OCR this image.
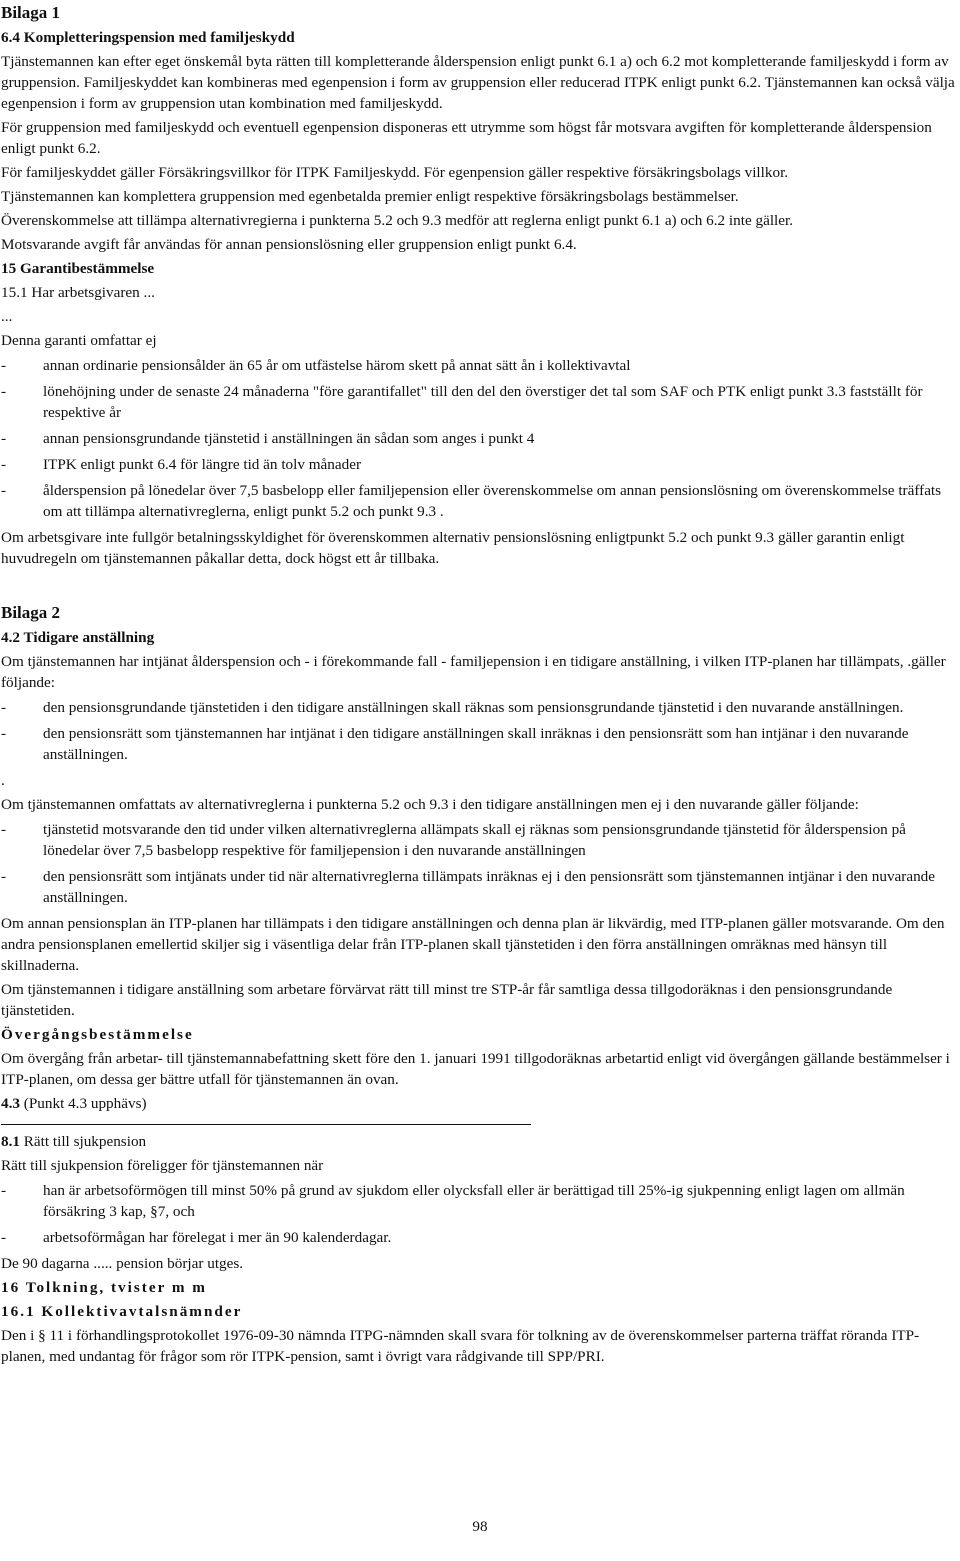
Bilaga 1

6.4 Kompletteringspension med familjeskydd

Tjänstemannen kan efter eget önskemål byta rätten till kompletterande ålderspension enligt punkt 6.1 a) och 6.2 mot kompletterande familjeskydd i form av gruppension. Familjeskyddet kan kombineras med egenpension i form av gruppension eller reducerad ITPK enligt punkt 6.2. Tjänstemannen kan också välja egenpension i form av gruppension utan kombination med familjeskydd.

För gruppension med familjeskydd och eventuell egenpension disponeras ett utrymme som högst får motsvara avgiften för kompletterande ålderspension enligt punkt 6.2.

För familjeskyddet gäller Försäkringsvillkor för ITPK Familjeskydd. För egenpension gäller respektive försäkringsbolags villkor.

Tjänstemannen kan komplettera gruppension med egenbetalda premier enligt respektive försäkringsbolags bestämmelser.

Överenskommelse att tillämpa alternativregierna i punkterna 5.2 och 9.3 medför att reglerna enligt punkt 6.1 a) och 6.2 inte gäller.

Motsvarande avgift får användas för annan pensionslösning eller gruppension enligt punkt 6.4.

15 Garantibestämmelse

15.1 Har arbetsgivaren ...

...

Denna garanti omfattar ej

- annan ordinarie pensionsålder än 65 år om utfästelse härom skett på annat sätt ån i kollektivavtal
- lönehöjning under de senaste 24 månaderna "före garantifallet" till den del den överstiger det tal som SAF och PTK enligt punkt 3.3 fastställt för respektive år
- annan pensionsgrundande tjänstetid i anställningen än sådan som anges i punkt 4
- ITPK enligt punkt 6.4 för längre tid än tolv månader
- ålderspension på lönedelar över 7,5 basbelopp eller familjepension eller överenskommelse om annan pensionslösning om överenskommelse träffats om att tillämpa alternativreglerna, enligt punkt 5.2 och punkt 9.3 .

Om arbetsgivare inte fullgör betalningsskyldighet för överenskommen alternativ pensionslösning enligtpunkt 5.2 och punkt 9.3 gäller garantin enligt huvudregeln om tjänstemannen påkallar detta, dock högst ett år tillbaka.

Bilaga 2

4.2 Tidigare anställning

Om tjänstemannen har intjänat ålderspension och - i förekommande fall - familjepension i en tidigare anställning, i vilken ITP-planen har tillämpats, .gäller följande:

- den pensionsgrundande tjänstetiden i den tidigare anställningen skall räknas som pensionsgrundande tjänstetid i den nuvarande anställningen.
- den pensionsrätt som tjänstemannen har intjänat i den tidigare anställningen skall inräknas i den pensionsrätt som han intjänar i den nuvarande anställningen.

.

Om tjänstemannen omfattats av alternativreglerna i punkterna 5.2 och 9.3 i den tidigare anställningen men ej i den nuvarande gäller följande:

- tjänstetid motsvarande den tid under vilken alternativreglerna allämpats skall ej räknas som pensionsgrundande tjänstetid för ålderspension på lönedelar över 7,5 basbelopp respektive för familjepension i den nuvarande anställningen
- den pensionsrätt som intjänats under tid när alternativreglerna tillämpats inräknas ej i den pensionsrätt som tjänstemannen intjänar i den nuvarande anställningen.

Om annan pensionsplan än ITP-planen har tillämpats i den tidigare anställningen och denna plan är likvärdig, med ITP-planen gäller motsvarande. Om den andra pensionsplanen emellertid skiljer sig i väsentliga delar från ITP-planen skall tjänstetiden i den förra anställningen omräknas med hänsyn till skillnaderna.

Om tjänstemannen i tidigare anställning som arbetare förvärvat rätt till minst tre STP-år får samtliga dessa tillgodoräknas i den pensionsgrundande tjänstetiden.

Övergångsbestämmelse

Om övergång från arbetar- till tjänstemannabefattning skett före den 1. januari 1991 tillgodoräknas arbetartid enligt vid övergången gällande bestämmelser i ITP-planen, om dessa ger bättre utfall för tjänstemannen än ovan.

4.3 (Punkt 4.3 upphävs)

8.1 Rätt till sjukpension

Rätt till sjukpension föreligger för tjänstemannen när

- han är arbetsoförmögen till minst 50% på grund av sjukdom eller olycksfall eller är berättigad till 25%-ig sjukpenning enligt lagen om allmän försäkring 3 kap, §7, och
- arbetsoförmågan har förelegat i mer än 90 kalenderdagar.

De 90 dagarna ..... pension börjar utges.

16 Tolkning, tvister m m

16.1 Kollektivavtalsnämnder

Den i § 11 i förhandlingsprotokollet 1976-09-30 nämnda ITPG-nämnden skall svara för tolkning av de överenskommelser parterna träffat röranda ITP-planen, med undantag för frågor som rör ITPK-pension, samt i övrigt vara rådgivande till SPP/PRI.

98
